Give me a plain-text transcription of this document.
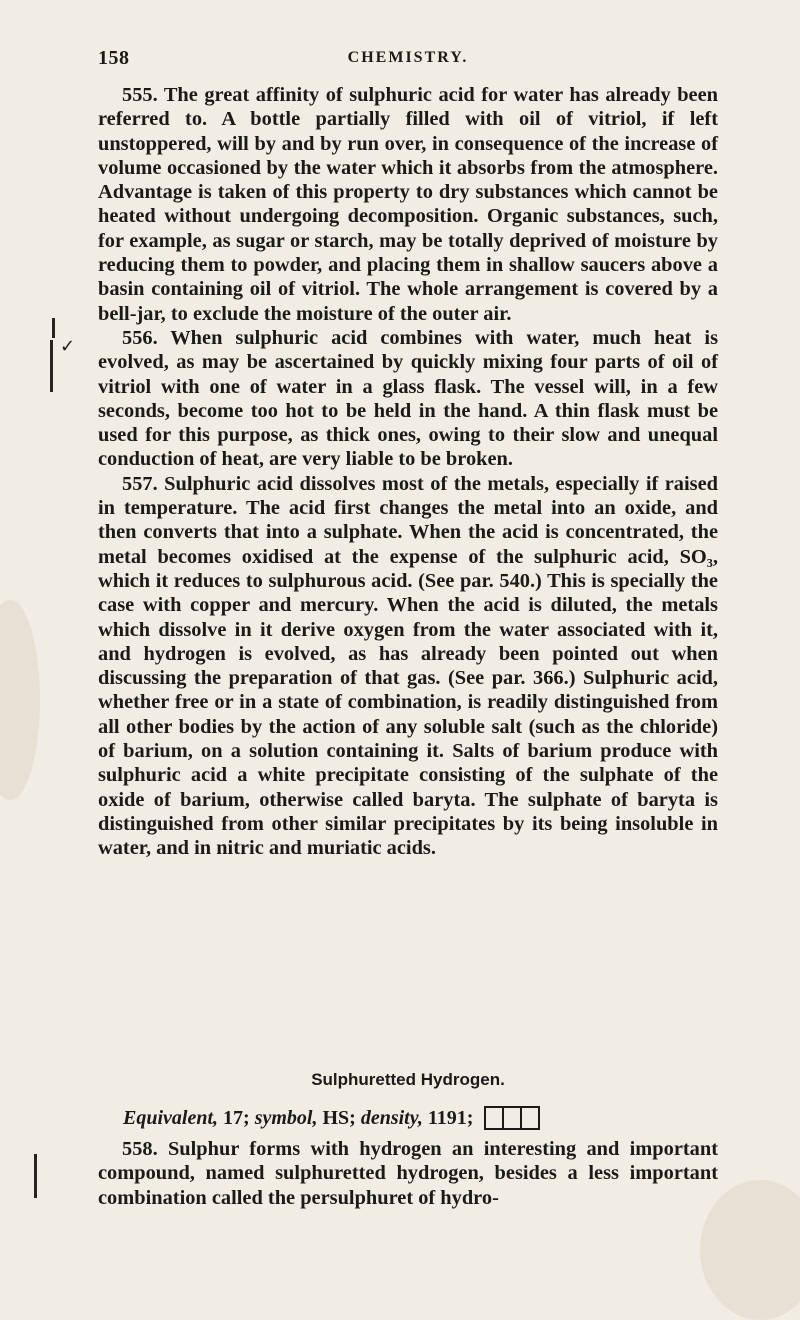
158	CHEMISTRY.

555. The great affinity of sulphuric acid for water has already been referred to. A bottle partially filled with oil of vitriol, if left unstoppered, will by and by run over, in consequence of the increase of volume occasioned by the water which it absorbs from the atmosphere. Advantage is taken of this property to dry substances which cannot be heated without undergoing decomposition. Organic substances, such, for example, as sugar or starch, may be totally deprived of moisture by reducing them to powder, and placing them in shallow saucers above a basin containing oil of vitriol. The whole arrangement is covered by a bell-jar, to exclude the moisture of the outer air.

556. When sulphuric acid combines with water, much heat is evolved, as may be ascertained by quickly mixing four parts of oil of vitriol with one of water in a glass flask. The vessel will, in a few seconds, become too hot to be held in the hand. A thin flask must be used for this purpose, as thick ones, owing to their slow and unequal conduction of heat, are very liable to be broken.

557. Sulphuric acid dissolves most of the metals, especially if raised in temperature. The acid first changes the metal into an oxide, and then converts that into a sulphate. When the acid is concentrated, the metal becomes oxidised at the expense of the sulphuric acid, SO₃, which it reduces to sulphurous acid. (See par. 540.) This is specially the case with copper and mercury. When the acid is diluted, the metals which dissolve in it derive oxygen from the water associated with it, and hydrogen is evolved, as has already been pointed out when discussing the preparation of that gas. (See par. 366.) Sulphuric acid, whether free or in a state of combination, is readily distinguished from all other bodies by the action of any soluble salt (such as the chloride) of barium, on a solution containing it. Salts of barium produce with sulphuric acid a white precipitate consisting of the sulphate of the oxide of barium, otherwise called baryta. The sulphate of baryta is distinguished from other similar precipitates by its being insoluble in water, and in nitric and muriatic acids.

✓
Sulphuretted Hydrogen.
Equivalent, 17; symbol, HS; density, 1191;

558. Sulphur forms with hydrogen an interesting and important compound, named sulphuretted hydrogen, besides a less important combination called the persulphuret of hydro-
